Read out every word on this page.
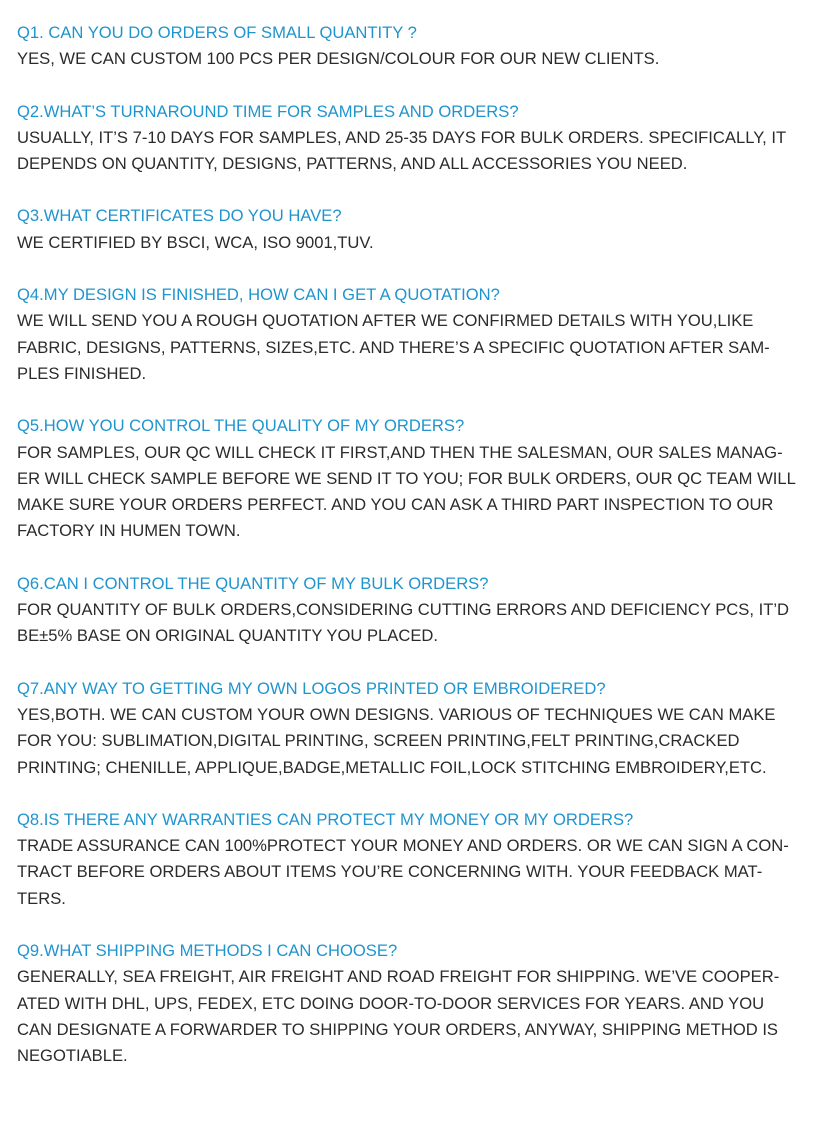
Q1. CAN YOU DO ORDERS OF SMALL QUANTITY ?
YES, WE CAN CUSTOM 100 PCS PER DESIGN/COLOUR FOR OUR NEW CLIENTS.
Q2.WHAT’S TURNAROUND TIME FOR SAMPLES AND ORDERS?
USUALLY, IT’S 7-10 DAYS FOR SAMPLES, AND 25-35 DAYS FOR BULK ORDERS. SPECIFICALLY, IT
DEPENDS ON QUANTITY, DESIGNS, PATTERNS, AND ALL ACCESSORIES YOU NEED.
Q3.WHAT CERTIFICATES DO YOU HAVE?
WE CERTIFIED BY BSCI, WCA, ISO 9001,TUV.
Q4.MY DESIGN IS FINISHED, HOW CAN I GET A QUOTATION?
WE WILL SEND YOU A ROUGH QUOTATION AFTER WE CONFIRMED DETAILS WITH YOU,LIKE
FABRIC, DESIGNS, PATTERNS, SIZES,ETC. AND THERE’S A SPECIFIC QUOTATION AFTER SAM-
PLES FINISHED.
Q5.HOW YOU CONTROL THE QUALITY OF MY ORDERS?
FOR SAMPLES, OUR QC WILL CHECK IT FIRST,AND THEN THE SALESMAN, OUR SALES MANAG-
ER WILL CHECK SAMPLE BEFORE WE SEND IT TO YOU; FOR BULK ORDERS, OUR QC TEAM WILL
MAKE SURE YOUR ORDERS PERFECT. AND YOU CAN ASK A THIRD PART INSPECTION TO OUR
FACTORY IN HUMEN TOWN.
Q6.CAN I CONTROL THE QUANTITY OF MY BULK ORDERS?
FOR QUANTITY OF BULK ORDERS,CONSIDERING CUTTING ERRORS AND DEFICIENCY PCS, IT’D
BE±5% BASE ON ORIGINAL QUANTITY YOU PLACED.
Q7.ANY WAY TO GETTING MY OWN LOGOS PRINTED OR EMBROIDERED?
YES,BOTH. WE CAN CUSTOM YOUR OWN DESIGNS. VARIOUS OF TECHNIQUES WE CAN MAKE
FOR YOU: SUBLIMATION,DIGITAL PRINTING, SCREEN PRINTING,FELT PRINTING,CRACKED
PRINTING; CHENILLE, APPLIQUE,BADGE,METALLIC FOIL,LOCK STITCHING EMBROIDERY,ETC.
Q8.IS THERE ANY WARRANTIES CAN PROTECT MY MONEY OR MY ORDERS?
TRADE ASSURANCE CAN 100%PROTECT YOUR MONEY AND ORDERS. OR WE CAN SIGN A CON-
TRACT BEFORE ORDERS ABOUT ITEMS YOU’RE CONCERNING WITH. YOUR FEEDBACK MAT-
TERS.
Q9.WHAT SHIPPING METHODS I CAN CHOOSE?
GENERALLY, SEA FREIGHT, AIR FREIGHT AND ROAD FREIGHT FOR SHIPPING. WE’VE COOPER-
ATED WITH DHL, UPS, FEDEX, ETC DOING DOOR-TO-DOOR SERVICES FOR YEARS. AND YOU
CAN DESIGNATE A FORWARDER TO SHIPPING YOUR ORDERS, ANYWAY, SHIPPING METHOD IS
NEGOTIABLE.
